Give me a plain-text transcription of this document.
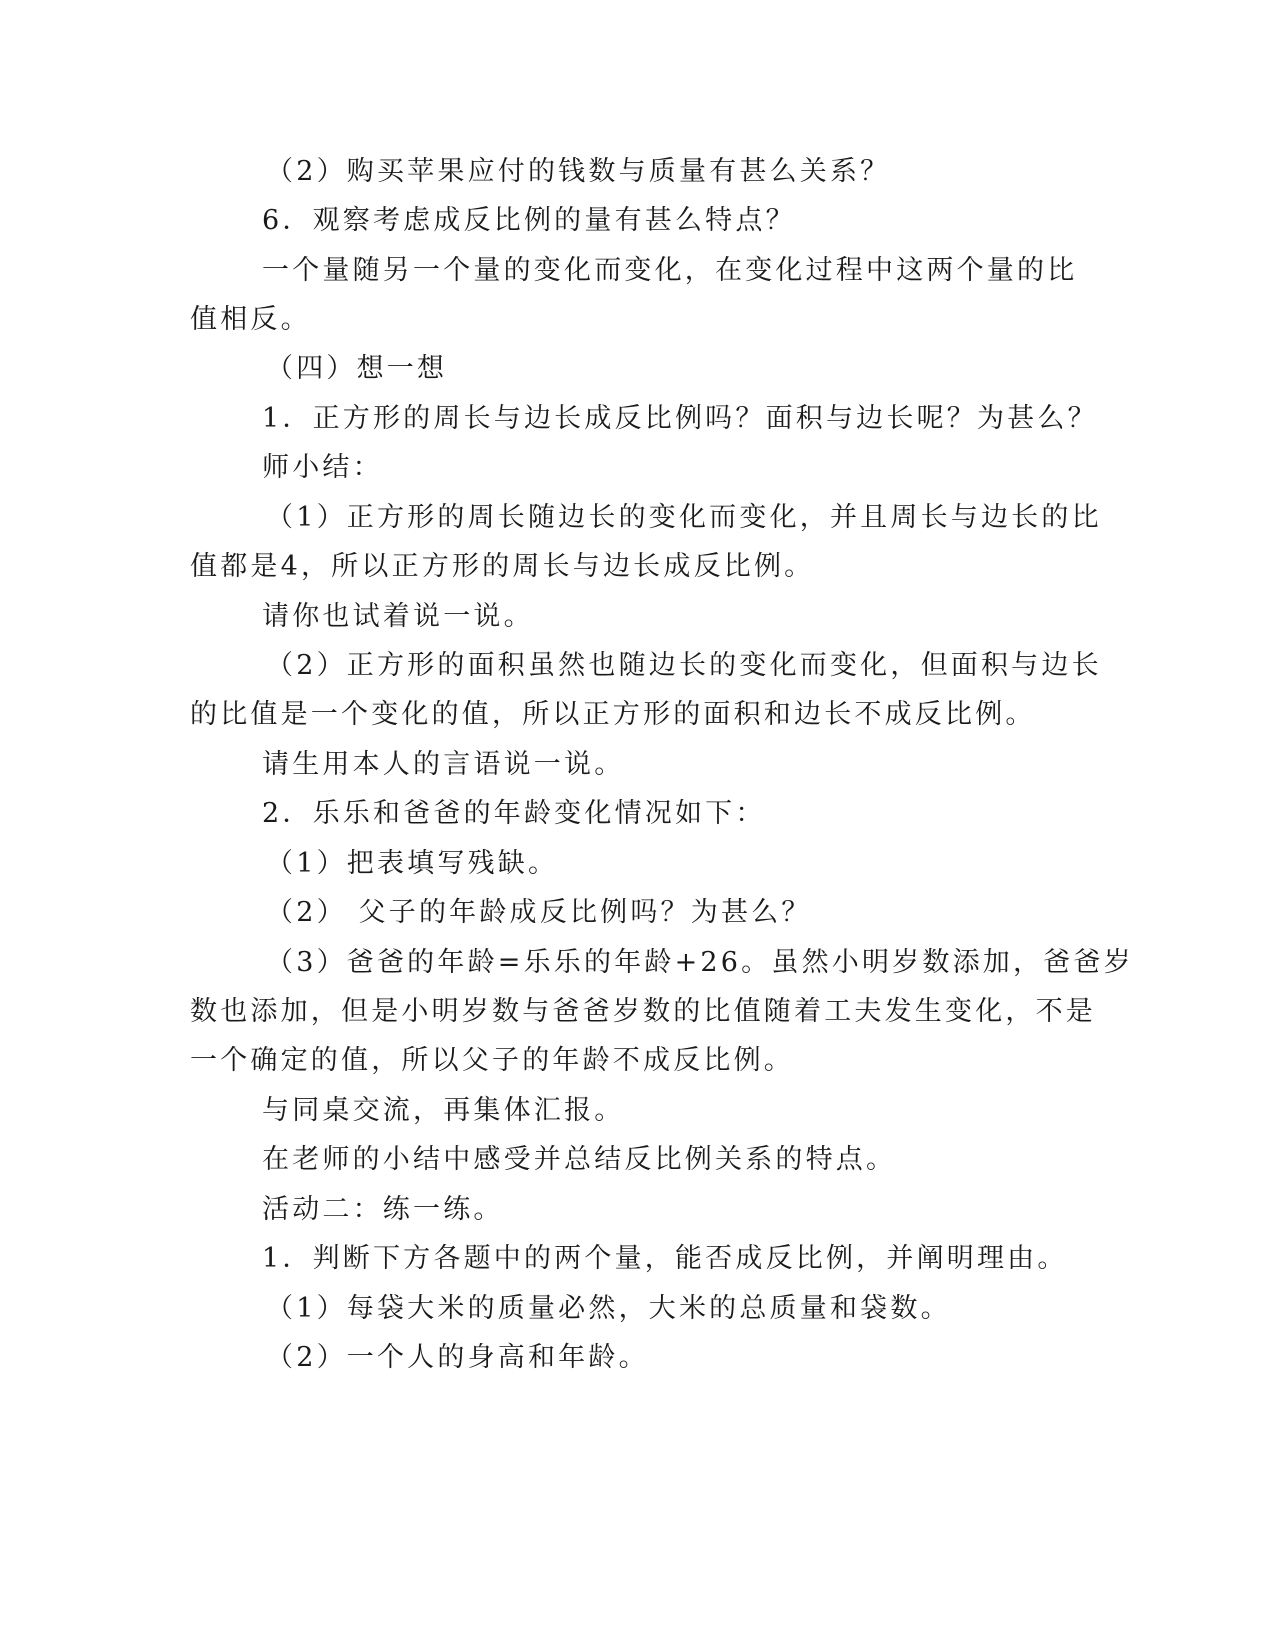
（2）购买苹果应付的钱数与质量有甚么关系？
6．观察考虑成反比例的量有甚么特点？
一个量随另一个量的变化而变化，在变化过程中这两个量的比
值相反。
（四）想一想
1．正方形的周长与边长成反比例吗？面积与边长呢？为甚么？
师小结：
（1）正方形的周长随边长的变化而变化，并且周长与边长的比
值都是4，所以正方形的周长与边长成反比例。
请你也试着说一说。
（2）正方形的面积虽然也随边长的变化而变化，但面积与边长
的比值是一个变化的值，所以正方形的面积和边长不成反比例。
请生用本人的言语说一说。
2．乐乐和爸爸的年龄变化情况如下：
（1）把表填写残缺。
（2） 父子的年龄成反比例吗？为甚么？
（3）爸爸的年龄=乐乐的年龄+26。虽然小明岁数添加，爸爸岁
数也添加，但是小明岁数与爸爸岁数的比值随着工夫发生变化，不是
一个确定的值，所以父子的年龄不成反比例。
与同桌交流，再集体汇报。
在老师的小结中感受并总结反比例关系的特点。
活动二：练一练。
1．判断下方各题中的两个量，能否成反比例，并阐明理由。
（1）每袋大米的质量必然，大米的总质量和袋数。
（2）一个人的身高和年龄。
